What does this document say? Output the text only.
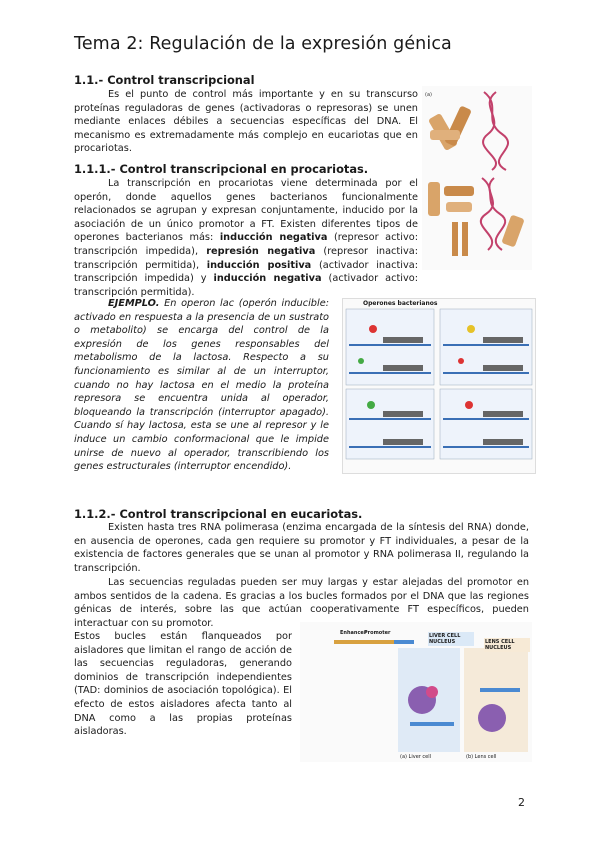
Tema 2: Regulación de la expresión génica
1.1.- Control transcripcional

Es el punto de control más importante y en su transcurso proteínas reguladoras de genes (activadoras o represoras) se unen mediante enlaces débiles a secuencias específicas del DNA. El mecanismo es extremadamente más complejo en eucariotas que en procariotas.

1.1.1.- Control transcripcional en procariotas.

La transcripción en procariotas viene determinada por el operón, donde aquellos genes bacterianos funcionalmente relacionados se agrupan y expresan conjuntamente, inducido por la asociación de un único promotor a FT. Existen diferentes tipos de operones bacterianos más: inducción negativa (represor activo: transcripción impedida), represión negativa (represor inactiva: transcripción permitida), inducción positiva (activador inactiva: transcripción impedida) y inducción negativa (activador activo: transcripción permitida).

EJEMPLO. En operon lac (operón inducible: activado en respuesta a la presencia de un sustrato o metabolito) se encarga del control de la expresión de los genes responsables del metabolismo de la lactosa. Respecto a su funcionamiento es similar al de un interruptor, cuando no hay lactosa en el medio la proteína represora se encuentra unida al operador, bloqueando la transcripción (interruptor apagado). Cuando sí hay lactosa, esta se une al represor y le induce un cambio conformacional que le impide unirse de nuevo al operador, transcribiendo los genes estructurales (interruptor encendido).

1.1.2.- Control transcripcional en eucariotas.

Existen hasta tres RNA polimerasa (enzima encargada de la síntesis del RNA) donde, en ausencia de operones, cada gen requiere su promotor y FT individuales, a pesar de la existencia de factores generales que se unan al promotor y RNA polimerasa II, regulando la transcripción.

Las secuencias reguladas pueden ser muy largas y estar alejadas del promotor en ambos sentidos de la cadena. Es gracias a los bucles formados por el DNA que las regiones génicas de interés, sobre las que actúan cooperativamente FT específicos, pueden interactuar con su promotor.

Estos bucles están flanqueados por aisladores que limitan el rango de acción de las secuencias reguladoras, generando dominios de transcripción independientes (TAD: dominios de asociación topológica). El efecto de estos aisladores afecta tanto al DNA como a las propias proteínas aisladoras.

(a)
Operones bacterianos
Enhancer
Promoter	LIVER CELL NUCLEUS	LENS CELL NUCLEUS
(a) Liver cell	(b) Lens cell
2
